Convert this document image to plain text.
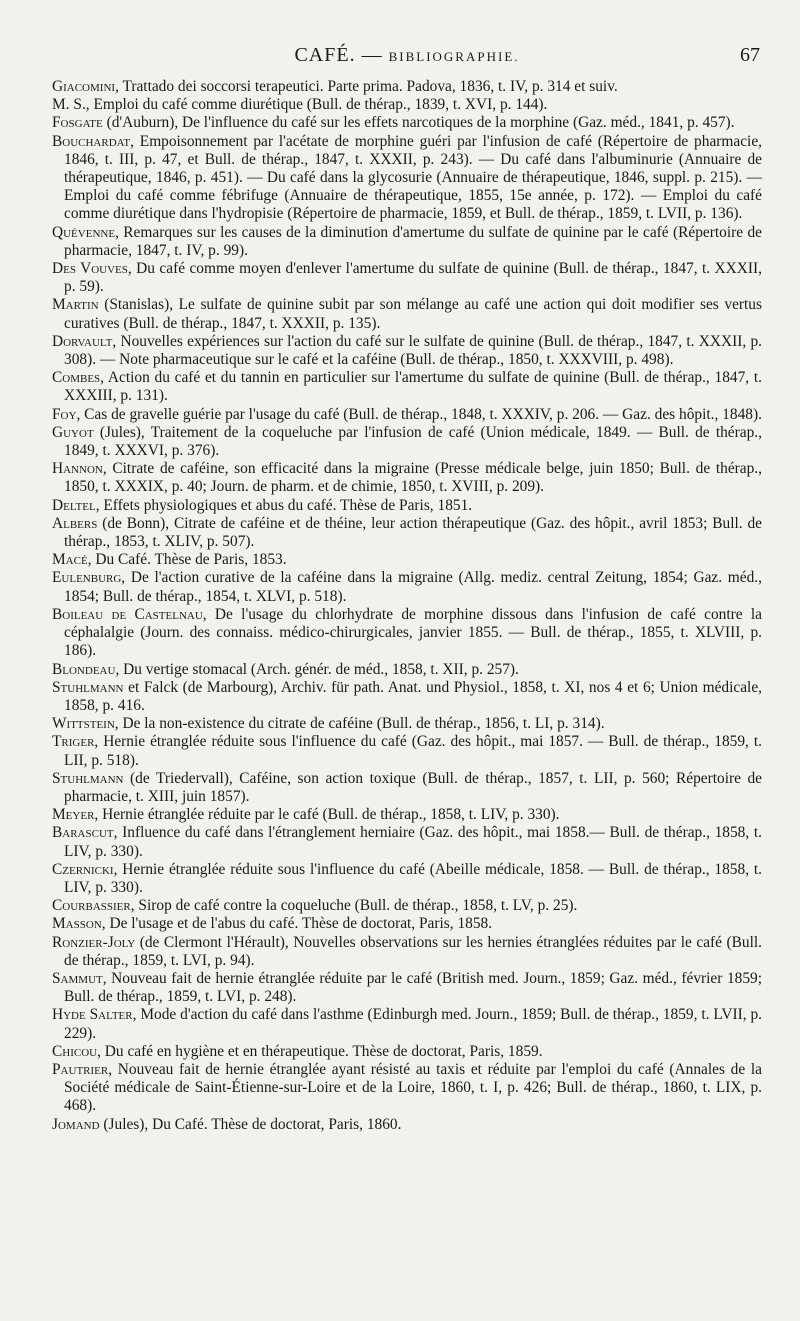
CAFÉ. — BIBLIOGRAPHIE.	67
Giacomini, Trattado dei soccorsi terapeutici. Parte prima. Padova, 1836, t. IV, p. 314 et suiv.
M. S., Emploi du café comme diurétique (Bull. de thérap., 1839, t. XVI, p. 144).
Fosgate (d'Auburn), De l'influence du café sur les effets narcotiques de la morphine (Gaz. méd., 1841, p. 457).
Bouchardat, Empoisonnement par l'acétate de morphine guéri par l'infusion de café (Répertoire de pharmacie, 1846, t. III, p. 47, et Bull. de thérap., 1847, t. XXXII, p. 243). — Du café dans l'albuminurie (Annuaire de thérapeutique, 1846, p. 451). — Du café dans la glycosurie (Annuaire de thérapeutique, 1846, suppl. p. 215). — Emploi du café comme fébrifuge (Annuaire de thérapeutique, 1855, 15e année, p. 172). — Emploi du café comme diurétique dans l'hydropisie (Répertoire de pharmacie, 1859, et Bull. de thérap., 1859, t. LVII, p. 136).
Quévenne, Remarques sur les causes de la diminution d'amertume du sulfate de quinine par le café (Répertoire de pharmacie, 1847, t. IV, p. 99).
Des Vouves, Du café comme moyen d'enlever l'amertume du sulfate de quinine (Bull. de thérap., 1847, t. XXXII, p. 59).
Martin (Stanislas), Le sulfate de quinine subit par son mélange au café une action qui doit modifier ses vertus curatives (Bull. de thérap., 1847, t. XXXII, p. 135).
Dorvault, Nouvelles expériences sur l'action du café sur le sulfate de quinine (Bull. de thérap., 1847, t. XXXII, p. 308). — Note pharmaceutique sur le café et la caféine (Bull. de thérap., 1850, t. XXXVIII, p. 498).
Combes, Action du café et du tannin en particulier sur l'amertume du sulfate de quinine (Bull. de thérap., 1847, t. XXXIII, p. 131).
Foy, Cas de gravelle guérie par l'usage du café (Bull. de thérap., 1848, t. XXXIV, p. 206. — Gaz. des hôpit., 1848).
Guyot (Jules), Traitement de la coqueluche par l'infusion de café (Union médicale, 1849. — Bull. de thérap., 1849, t. XXXVI, p. 376).
Hannon, Citrate de caféine, son efficacité dans la migraine (Presse médicale belge, juin 1850; Bull. de thérap., 1850, t. XXXIX, p. 40; Journ. de pharm. et de chimie, 1850, t. XVIII, p. 209).
Deltel, Effets physiologiques et abus du café. Thèse de Paris, 1851.
Albers (de Bonn), Citrate de caféine et de théine, leur action thérapeutique (Gaz. des hôpit., avril 1853; Bull. de thérap., 1853, t. XLIV, p. 507).
Macé, Du Café. Thèse de Paris, 1853.
Eulenburg, De l'action curative de la caféine dans la migraine (Allg. mediz. central Zeitung, 1854; Gaz. méd., 1854; Bull. de thérap., 1854, t. XLVI, p. 518).
Boileau de Castelnau, De l'usage du chlorhydrate de morphine dissous dans l'infusion de café contre la céphalalgie (Journ. des connaiss. médico-chirurgicales, janvier 1855. — Bull. de thérap., 1855, t. XLVIII, p. 186).
Blondeau, Du vertige stomacal (Arch. génér. de méd., 1858, t. XII, p. 257).
Stuhlmann et Falck (de Marbourg), Archiv. für path. Anat. und Physiol., 1858, t. XI, nos 4 et 6; Union médicale, 1858, p. 416.
Wittstein, De la non-existence du citrate de caféine (Bull. de thérap., 1856, t. LI, p. 314).
Triger, Hernie étranglée réduite sous l'influence du café (Gaz. des hôpit., mai 1857. — Bull. de thérap., 1859, t. LII, p. 518).
Stuhlmann (de Triedervall), Caféine, son action toxique (Bull. de thérap., 1857, t. LII, p. 560; Répertoire de pharmacie, t. XIII, juin 1857).
Meyer, Hernie étranglée réduite par le café (Bull. de thérap., 1858, t. LIV, p. 330).
Barascut, Influence du café dans l'étranglement herniaire (Gaz. des hôpit., mai 1858.— Bull. de thérap., 1858, t. LIV, p. 330).
Czernicki, Hernie étranglée réduite sous l'influence du café (Abeille médicale, 1858. — Bull. de thérap., 1858, t. LIV, p. 330).
Courbassier, Sirop de café contre la coqueluche (Bull. de thérap., 1858, t. LV, p. 25).
Masson, De l'usage et de l'abus du café. Thèse de doctorat, Paris, 1858.
Ronzier-Joly (de Clermont l'Hérault), Nouvelles observations sur les hernies étranglées réduites par le café (Bull. de thérap., 1859, t. LVI, p. 94).
Sammut, Nouveau fait de hernie étranglée réduite par le café (British med. Journ., 1859; Gaz. méd., février 1859; Bull. de thérap., 1859, t. LVI, p. 248).
Hyde Salter, Mode d'action du café dans l'asthme (Edinburgh med. Journ., 1859; Bull. de thérap., 1859, t. LVII, p. 229).
Chicou, Du café en hygiène et en thérapeutique. Thèse de doctorat, Paris, 1859.
Pautrier, Nouveau fait de hernie étranglée ayant résisté au taxis et réduite par l'emploi du café (Annales de la Société médicale de Saint-Étienne-sur-Loire et de la Loire, 1860, t. I, p. 426; Bull. de thérap., 1860, t. LIX, p. 468).
Jomand (Jules), Du Café. Thèse de doctorat, Paris, 1860.
